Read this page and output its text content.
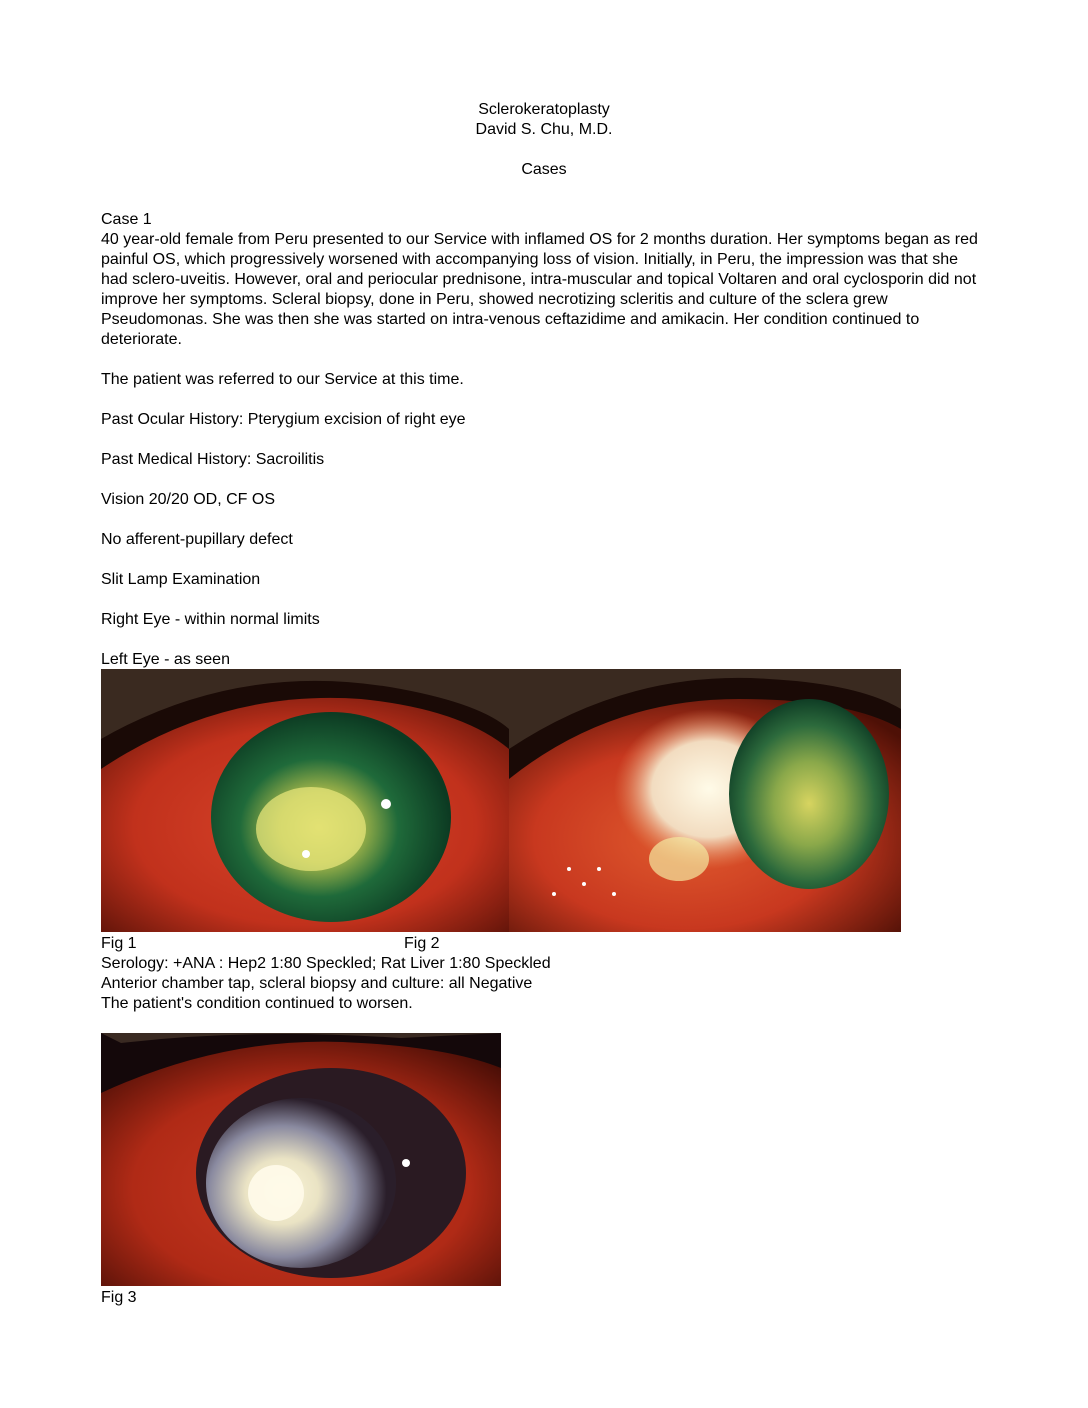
Sclerokeratoplasty
David S. Chu, M.D.
Cases
Case 1
40 year-old female from Peru presented to our Service with inflamed OS for 2 months duration. Her symptoms began as red painful OS, which progressively worsened with accompanying loss of vision. Initially, in Peru, the impression was that she had sclero-uveitis. However, oral and periocular prednisone, intra-muscular and topical Voltaren and oral cyclosporin did not improve her symptoms. Scleral biopsy, done in Peru, showed necrotizing scleritis and culture of the sclera grew Pseudomonas. She was then she was started on intra-venous ceftazidime and amikacin. Her condition continued to deteriorate.
The patient was referred to our Service at this time.
Past Ocular History: Pterygium excision of right eye
Past Medical History: Sacroilitis
Vision 20/20 OD, CF OS
No afferent-pupillary defect
Slit Lamp Examination
Right Eye - within normal limits
Left Eye - as seen
Fig 1	Fig 2
Serology: +ANA : Hep2 1:80 Speckled; Rat Liver 1:80 Speckled
Anterior chamber tap, scleral biopsy and culture: all Negative
The patient's condition continued to worsen.
Fig 3
